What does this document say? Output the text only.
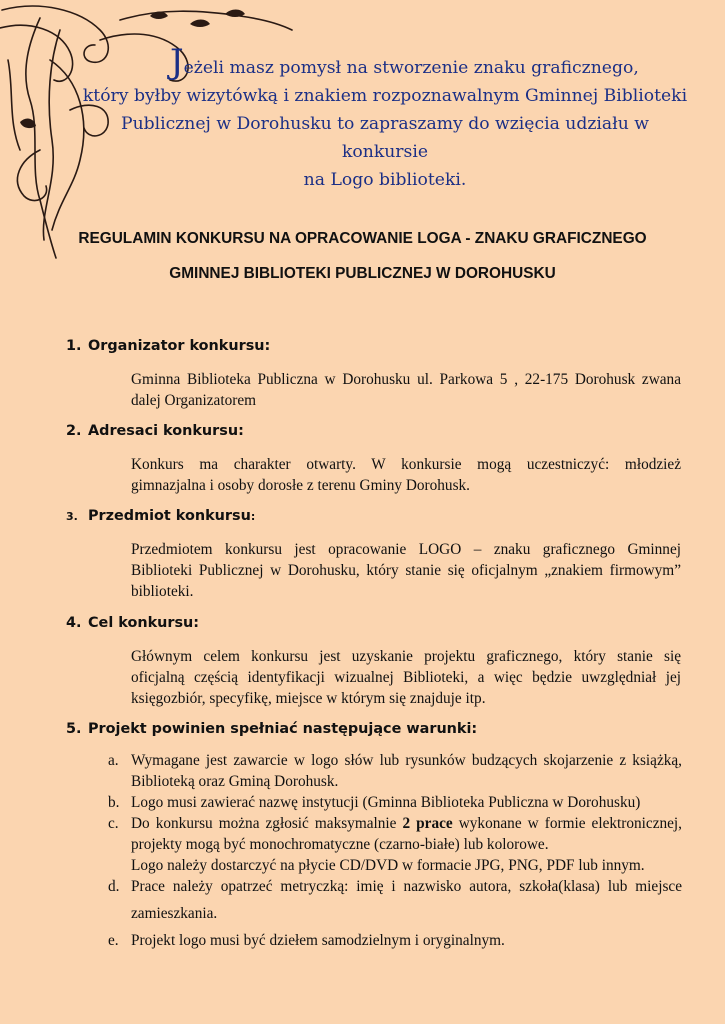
Jeżeli masz pomysł na stworzenie znaku graficznego,
który byłby wizytówką i znakiem rozpoznawalnym Gminnej Biblioteki
Publicznej w Dorohusku to zapraszamy do wzięcia udziału w konkursie
na Logo biblioteki.
REGULAMIN KONKURSU NA OPRACOWANIE LOGA - ZNAKU GRAFICZNEGO
GMINNEJ BIBLIOTEKI PUBLICZNEJ W DOROHUSKU
1. Organizator konkursu:
Gminna Biblioteka Publiczna w Dorohusku ul. Parkowa 5 , 22-175 Dorohusk zwana
dalej Organizatorem
2. Adresaci konkursu:
Konkurs ma charakter otwarty. W konkursie mogą uczestniczyć: młodzież
gimnazjalna i osoby dorosłe z terenu Gminy Dorohusk.
3. Przedmiot konkursu:
Przedmiotem konkursu jest opracowanie LOGO – znaku graficznego Gminnej
Biblioteki Publicznej w Dorohusku, który stanie się oficjalnym „znakiem firmowym”
biblioteki.
4. Cel konkursu:
Głównym celem konkursu jest uzyskanie projektu graficznego, który stanie się
oficjalną częścią identyfikacji wizualnej Biblioteki, a więc będzie uwzględniał jej
księgozbiór, specyfikę, miejsce w którym się znajduje itp.
5. Projekt powinien spełniać następujące warunki:
a. Wymagane jest zawarcie w logo słów lub rysunków budzących skojarzenie z książką,
Biblioteką oraz Gminą Dorohusk.
b. Logo musi zawierać nazwę instytucji (Gminna Biblioteka Publiczna w Dorohusku)
c. Do konkursu można zgłosić maksymalnie 2 prace wykonane w formie elektronicznej,
projekty mogą być monochromatyczne (czarno-białe) lub kolorowe.
Logo należy dostarczyć na płycie CD/DVD w formacie JPG, PNG, PDF lub innym.
d. Prace należy opatrzeć metryczką: imię i nazwisko autora, szkoła(klasa) lub miejsce
zamieszkania.
e. Projekt logo musi być dziełem samodzielnym i oryginalnym.
